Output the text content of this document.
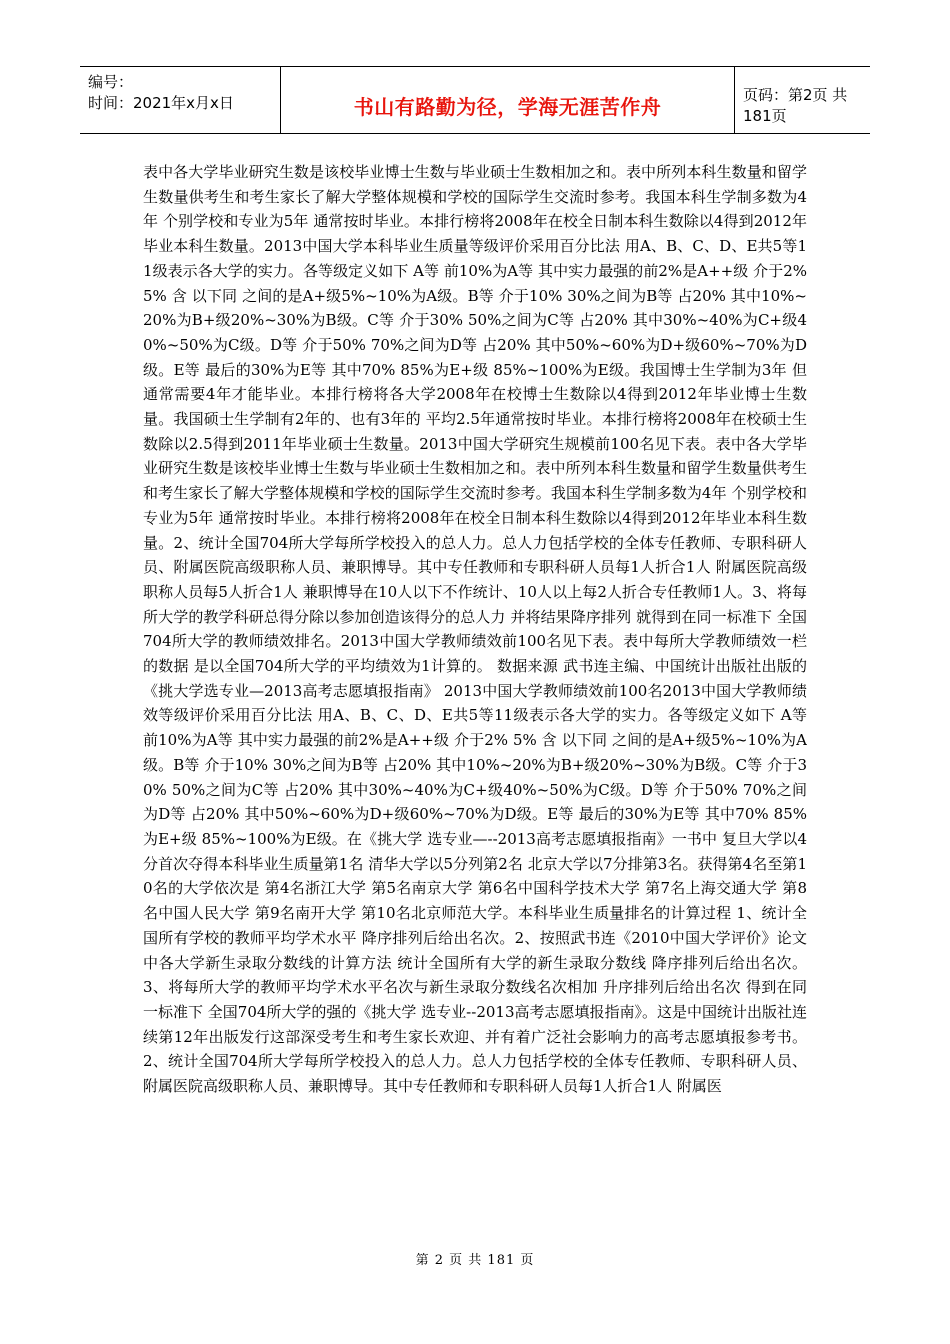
编号：
时间：2021年x月x日	书山有路勤为径，学海无涯苦作舟	页码：第2页 共181页
表中各大学毕业研究生数是该校毕业博士生数与毕业硕士生数相加之和。表中所列本科生数量和留学生数量供考生和考生家长了解大学整体规模和学校的国际学生交流时参考。我国本科生学制多数为4年 个别学校和专业为5年 通常按时毕业。本排行榜将2008年在校全日制本科生数除以4得到2012年毕业本科生数量。2013中国大学本科毕业生质量等级评价采用百分比法 用A、B、C、D、E共5等11级表示各大学的实力。各等级定义如下 A等 前10%为A等 其中实力最强的前2%是A++级 介于2% 5% 含 以下同 之间的是A+级5%~10%为A级。B等 介于10% 30%之间为B等 占20% 其中10%~20%为B+级20%~30%为B级。C等 介于30% 50%之间为C等 占20% 其中30%~40%为C+级40%~50%为C级。D等 介于50% 70%之间为D等 占20% 其中50%~60%为D+级60%~70%为D级。E等 最后的30%为E等 其中70% 85%为E+级 85%~100%为E级。我国博士生学制为3年 但通常需要4年才能毕业。本排行榜将各大学2008年在校博士生数除以4得到2012年毕业博士生数量。我国硕士生学制有2年的、也有3年的 平均2.5年通常按时毕业。本排行榜将2008年在校硕士生数除以2.5得到2011年毕业硕士生数量。2013中国大学研究生规模前100名见下表。表中各大学毕业研究生数是该校毕业博士生数与毕业硕士生数相加之和。表中所列本科生数量和留学生数量供考生和考生家长了解大学整体规模和学校的国际学生交流时参考。我国本科生学制多数为4年 个别学校和专业为5年 通常按时毕业。本排行榜将2008年在校全日制本科生数除以4得到2012年毕业本科生数量。2、统计全国704所大学每所学校投入的总人力。总人力包括学校的全体专任教师、专职科研人员、附属医院高级职称人员、兼职博导。其中专任教师和专职科研人员每1人折合1人 附属医院高级职称人员每5人折合1人 兼职博导在10人以下不作统计、10人以上每2人折合专任教师1人。3、将每所大学的教学科研总得分除以参加创造该得分的总人力 并将结果降序排列 就得到在同一标准下 全国704所大学的教师绩效排名。2013中国大学教师绩效前100名见下表。表中每所大学教师绩效一栏的数据 是以全国704所大学的平均绩效为1计算的。 数据来源 武书连主编、中国统计出版社出版的《挑大学选专业—2013高考志愿填报指南》 2013中国大学教师绩效前100名2013中国大学教师绩效等级评价采用百分比法 用A、B、C、D、E共5等11级表示各大学的实力。各等级定义如下 A等 前10%为A等 其中实力最强的前2%是A++级 介于2% 5% 含 以下同 之间的是A+级5%~10%为A级。B等 介于10% 30%之间为B等 占20% 其中10%~20%为B+级20%~30%为B级。C等 介于30% 50%之间为C等 占20% 其中30%~40%为C+级40%~50%为C级。D等 介于50% 70%之间为D等 占20% 其中50%~60%为D+级60%~70%为D级。E等 最后的30%为E等 其中70% 85%为E+级 85%~100%为E级。在《挑大学 选专业—--2013高考志愿填报指南》一书中 复旦大学以4分首次夺得本科毕业生质量第1名 清华大学以5分列第2名 北京大学以7分排第3名。获得第4名至第10名的大学依次是 第4名浙江大学 第5名南京大学 第6名中国科学技术大学 第7名上海交通大学 第8名中国人民大学 第9名南开大学 第10名北京师范大学。本科毕业生质量排名的计算过程 1、统计全国所有学校的教师平均学术水平 降序排列后给出名次。2、按照武书连《2010中国大学评价》论文中各大学新生录取分数线的计算方法 统计全国所有大学的新生录取分数线 降序排列后给出名次。3、将每所大学的教师平均学术水平名次与新生录取分数线名次相加 升序排列后给出名次 得到在同一标准下 全国704所大学的强的《挑大学 选专业--2013高考志愿填报指南》。这是中国统计出版社连续第12年出版发行这部深受考生和考生家长欢迎、并有着广泛社会影响力的高考志愿填报参考书。2、统计全国704所大学每所学校投入的总人力。总人力包括学校的全体专任教师、专职科研人员、附属医院高级职称人员、兼职博导。其中专任教师和专职科研人员每1人折合1人 附属医
第 2 页 共 181 页
